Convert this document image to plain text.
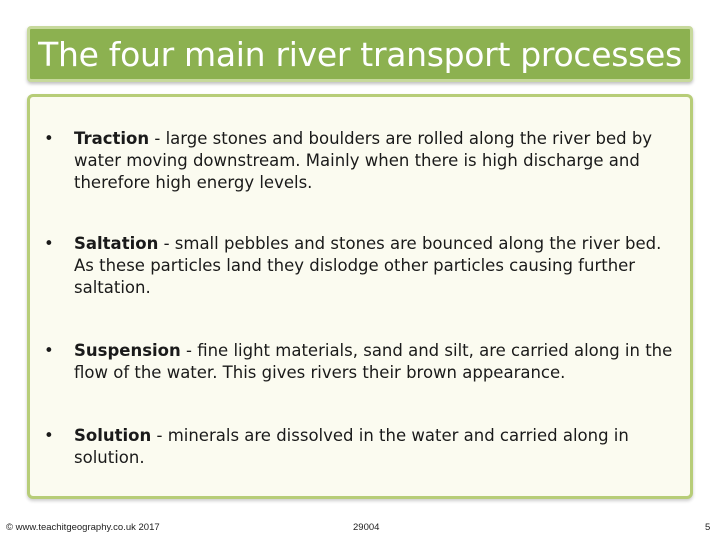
The four main river transport processes
• Traction - large stones and boulders are rolled along the river bed by water moving downstream. Mainly when there is high discharge and therefore high energy levels.
• Saltation - small pebbles and stones are bounced along the river bed. As these particles land they dislodge other particles causing further saltation.
• Suspension - fine light materials, sand and silt, are carried along in the flow of the water. This gives rivers their brown appearance.
• Solution - minerals are dissolved in the water and carried along in solution.
© www.teachitgeography.co.uk 2017	29004	5
